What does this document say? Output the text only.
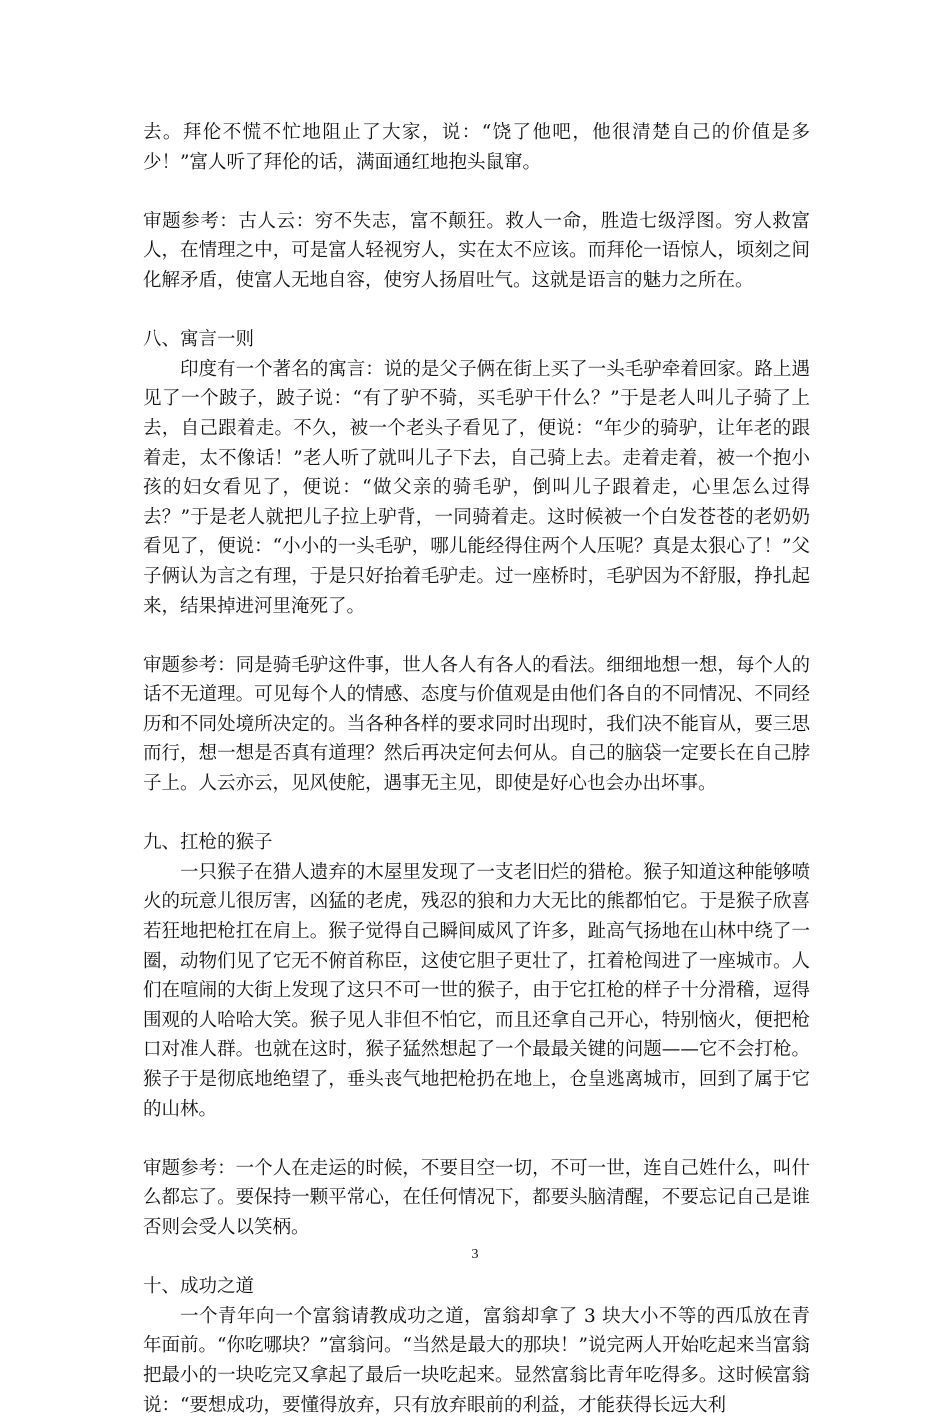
去。拜伦不慌不忙地阻止了大家，说：“饶了他吧，他很清楚自己的价值是多少！”富人听了拜伦的话，满面通红地抱头鼠窜。

审题参考：古人云：穷不失志，富不颠狂。救人一命，胜造七级浮图。穷人救富人，在情理之中，可是富人轻视穷人，实在太不应该。而拜伦一语惊人，顷刻之间化解矛盾，使富人无地自容，使穷人扬眉吐气。这就是语言的魅力之所在。

八、寓言一则

印度有一个著名的寓言：说的是父子俩在街上买了一头毛驴牵着回家。路上遇见了一个跛子，跛子说：“有了驴不骑，买毛驴干什么？”于是老人叫儿子骑了上去，自己跟着走。不久，被一个老头子看见了，便说：“年少的骑驴，让年老的跟着走，太不像话！”老人听了就叫儿子下去，自己骑上去。走着走着，被一个抱小孩的妇女看见了，便说：“做父亲的骑毛驴，倒叫儿子跟着走，心里怎么过得去？”于是老人就把儿子拉上驴背，一同骑着走。这时候被一个白发苍苍的老奶奶看见了，便说：“小小的一头毛驴，哪儿能经得住两个人压呢？真是太狠心了！”父子俩认为言之有理，于是只好抬着毛驴走。过一座桥时，毛驴因为不舒服，挣扎起来，结果掉进河里淹死了。

审题参考：同是骑毛驴这件事，世人各人有各人的看法。细细地想一想，每个人的话不无道理。可见每个人的情感、态度与价值观是由他们各自的不同情况、不同经历和不同处境所决定的。当各种各样的要求同时出现时，我们决不能盲从，要三思而行，想一想是否真有道理？然后再决定何去何从。自己的脑袋一定要长在自己脖子上。人云亦云，见风使舵，遇事无主见，即使是好心也会办出坏事。

九、扛枪的猴子

一只猴子在猎人遗弃的木屋里发现了一支老旧烂的猎枪。猴子知道这种能够喷火的玩意儿很厉害，凶猛的老虎，残忍的狼和力大无比的熊都怕它。于是猴子欣喜若狂地把枪扛在肩上。猴子觉得自己瞬间威风了许多，趾高气扬地在山林中绕了一圈，动物们见了它无不俯首称臣，这使它胆子更壮了，扛着枪闯进了一座城市。人们在喧闹的大街上发现了这只不可一世的猴子，由于它扛枪的样子十分滑稽，逗得围观的人哈哈大笑。猴子见人非但不怕它，而且还拿自己开心，特别恼火，便把枪口对准人群。也就在这时，猴子猛然想起了一个最最关键的问题——它不会打枪。猴子于是彻底地绝望了，垂头丧气地把枪扔在地上，仓皇逃离城市，回到了属于它的山林。

审题参考：一个人在走运的时候，不要目空一切，不可一世，连自己姓什么，叫什么都忘了。要保持一颗平常心，在任何情况下，都要头脑清醒，不要忘记自己是谁否则会受人以笑柄。

十、成功之道

一个青年向一个富翁请教成功之道，富翁却拿了 3 块大小不等的西瓜放在青年面前。“你吃哪块？”富翁问。“当然是最大的那块！”说完两人开始吃起来当富翁把最小的一块吃完又拿起了最后一块吃起来。显然富翁比青年吃得多。这时候富翁说：“要想成功，要懂得放弃，只有放弃眼前的利益，才能获得长远大利

3
